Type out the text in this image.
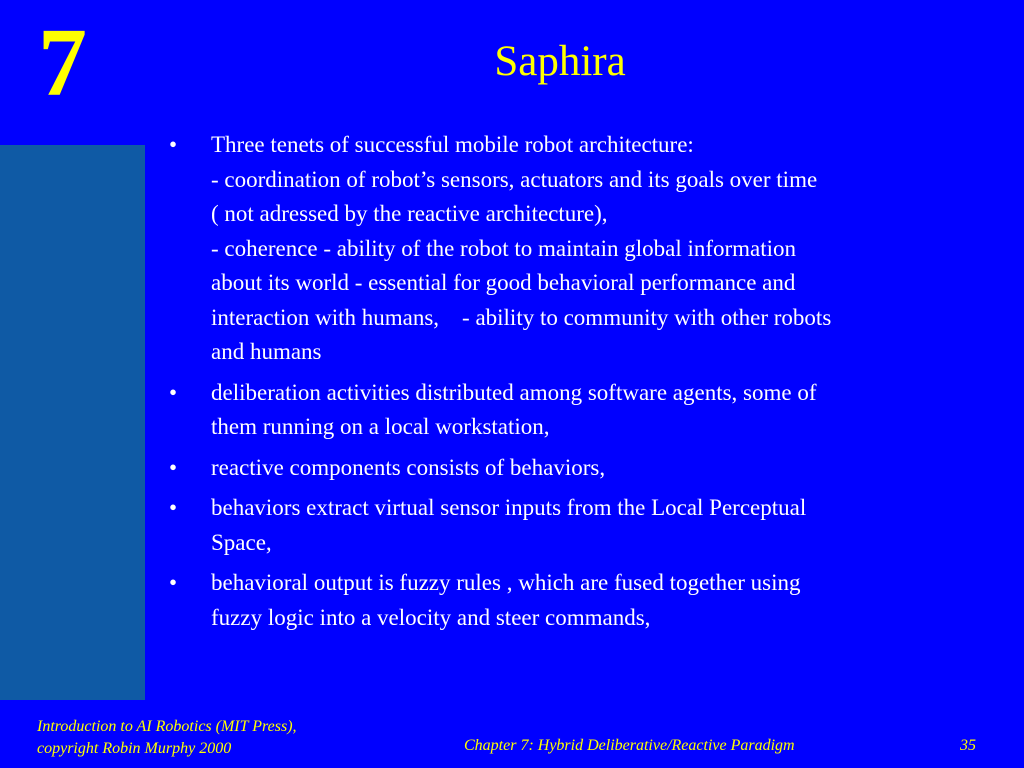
7	Saphira
• Three tenets of successful mobile robot architecture:
- coordination of robot’s sensors, actuators and its goals over time
( not adressed by the reactive architecture),
- coherence - ability of the robot to maintain global information
about its world - essential for good behavioral performance and
interaction with humans,    - ability to community with other robots
and humans
• deliberation activities distributed among software agents, some of
them running on a local workstation,
• reactive components consists of behaviors,
• behaviors extract virtual sensor inputs from the Local Perceptual
Space,
• behavioral output is fuzzy rules , which are fused together using
fuzzy logic into a velocity and steer commands,
Introduction to AI Robotics (MIT Press),
copyright Robin Murphy 2000	Chapter 7: Hybrid Deliberative/Reactive Paradigm	35
